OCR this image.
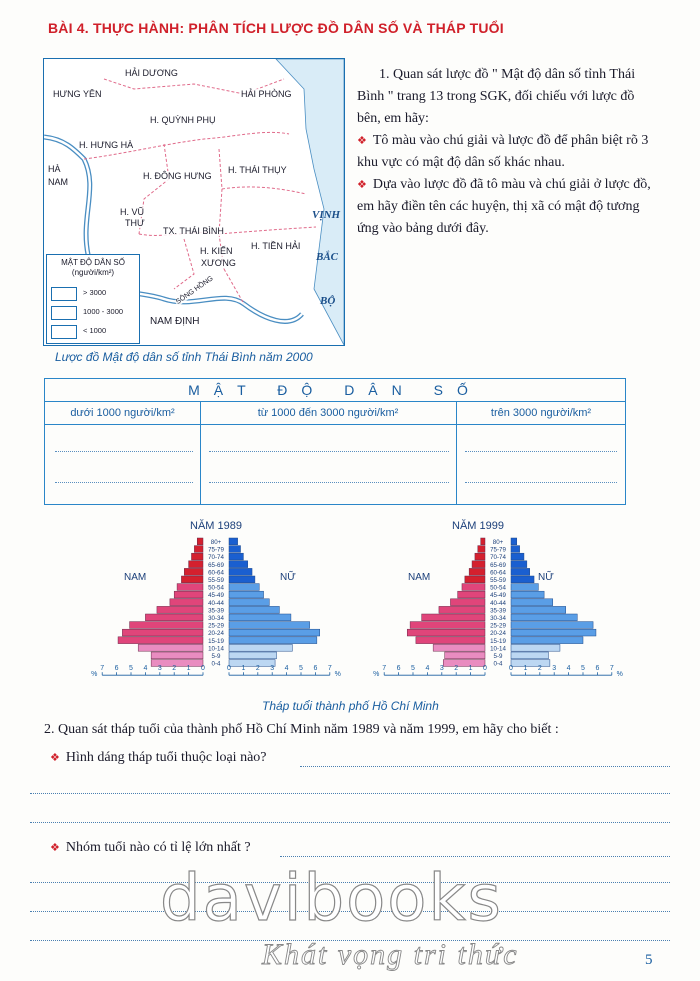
BÀI 4. THỰC HÀNH: PHÂN TÍCH LƯỢC ĐỒ DÂN SỐ VÀ THÁP TUỔI
HẢI DƯƠNG
HƯNG YÊN	HẢI PHÒNG
H. QUỲNH PHỤ
H. HƯNG HÀ
H. ĐÔNG HƯNG
H. THÁI THỤY
HÀ
NAM
H. VŨ
THƯ
TX. THÁI BÌNH
H. KIẾN
XƯƠNG
H. TIỀN HẢI
SÔNG HỒNG
NAM ĐỊNH
VỊNH
BẮC
BỘ
MẬT ĐỘ DÂN SỐ
(người/km²)
> 3000
1000 - 3000
< 1000
Lược đồ Mật độ dân số tỉnh Thái Bình năm 2000
1. Quan sát lược đồ " Mật độ dân số tỉnh Thái Bình " trang 13 trong SGK, đối chiếu với lược đồ bên, em hãy:
❖ Tô màu vào chú giải và lược đồ để phân biệt rõ 3 khu vực có mật độ dân số khác nhau.
❖ Dựa vào lược đồ đã tô màu và chú giải ở lược đồ, em hãy điền tên các huyện, thị xã có mật độ tương ứng vào bảng dưới đây.
MẬT ĐỘ DÂN SỐ
dưới 1000 người/km²	từ 1000 đến 3000 người/km²	trên 3000 người/km²
NĂM 1989	NĂM 1999
NAM	NỮ	NAM	NỮ
80+
75-79
70-74
65-69
60-64
55-59
50-54
45-49
40-44
35-39
30-34
25-29
20-24
15-19
10-14
5-9
0-4
7 6 5 4 3 2 1 0	0 1 2 3 4 5 6 7
%	%
80+
75-79
70-74
65-69
60-64
55-59
50-54
45-49
40-44
35-39
30-34
25-29
20-24
15-19
10-14
5-9
0-4
7 6 5 4 3 2 1 0	0 1 2 3 4 5 6 7
%	%
Tháp tuổi thành phố Hồ Chí Minh
2. Quan sát tháp tuổi của thành phố Hồ Chí Minh năm 1989 và năm 1999, em hãy cho biết :
❖ Hình dáng tháp tuổi thuộc loại nào?
❖ Nhóm tuổi nào có tỉ lệ lớn nhất ?
davibooks
Khát vọng tri thức	5
